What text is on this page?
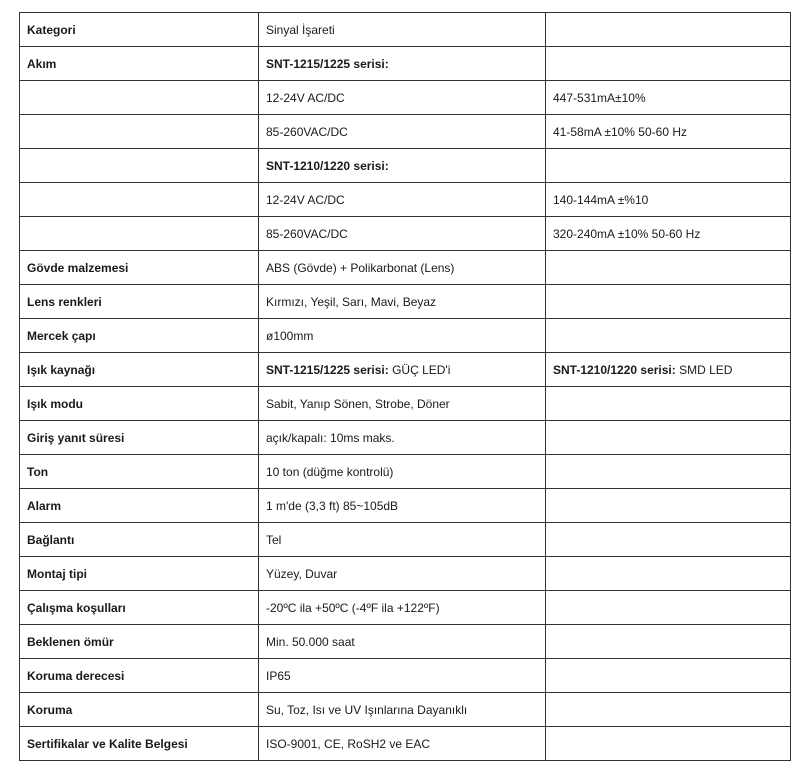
Kategori	Sinyal İşareti	
Akım	SNT-1215/1225 serisi:	
	12-24V AC/DC	447-531mA±10%
	85-260VAC/DC	41-58mA ±10% 50-60 Hz
	SNT-1210/1220 serisi:	
	12-24V AC/DC	140-144mA ±%10
	85-260VAC/DC	320-240mA ±10% 50-60 Hz
Gövde malzemesi	ABS (Gövde) + Polikarbonat (Lens)	
Lens renkleri	Kırmızı, Yeşil, Sarı, Mavi, Beyaz	
Mercek çapı	ø100mm	
Işık kaynağı	SNT-1215/1225 serisi: GÜÇ LED'i	SNT-1210/1220 serisi: SMD LED
Işık modu	Sabit, Yanıp Sönen, Strobe, Döner	
Giriş yanıt süresi	açık/kapalı: 10ms maks.	
Ton	10 ton (düğme kontrolü)	
Alarm	1 m'de (3,3 ft) 85~105dB	
Bağlantı	Tel	
Montaj tipi	Yüzey, Duvar	
Çalışma koşulları	-20ºC ila +50ºC (-4ºF ila +122ºF)	
Beklenen ömür	Min. 50.000 saat	
Koruma derecesi	IP65	
Koruma	Su, Toz, Isı ve UV Işınlarına Dayanıklı	
Sertifikalar ve Kalite Belgesi	ISO-9001, CE, RoSH2 ve EAC	
